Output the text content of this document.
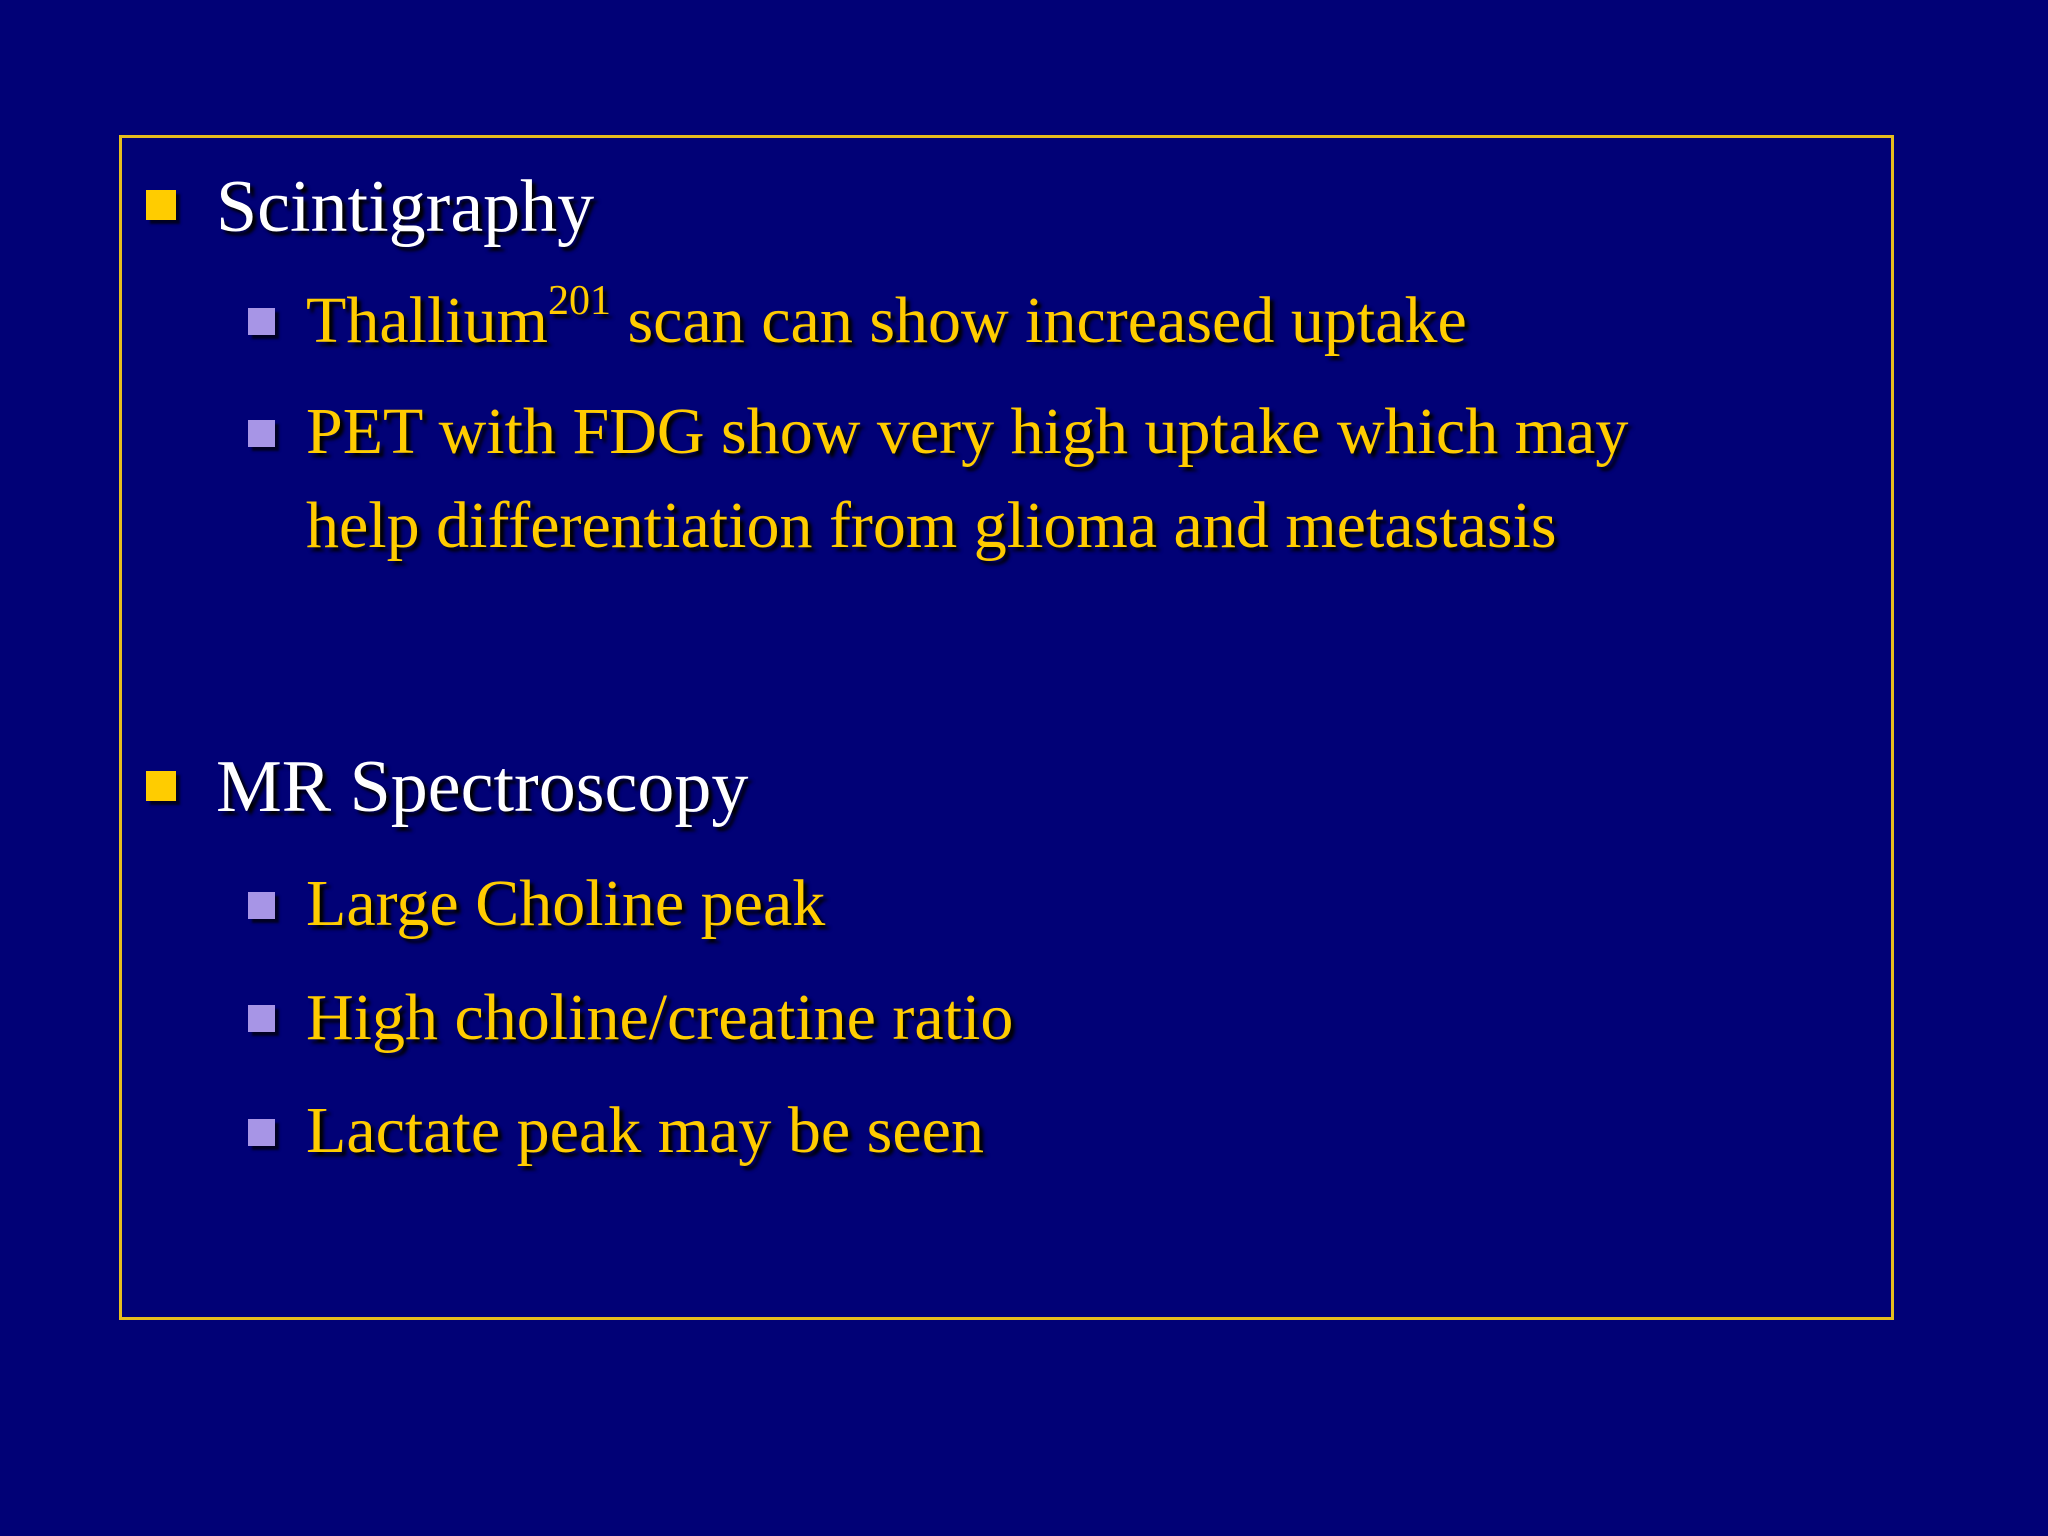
Scintigraphy
Thallium$^{201}$ scan can show increased uptake
PET with FDG show very high uptake which may
help differentiation from glioma and metastasis
MR Spectroscopy
Large Choline peak
High choline/creatine ratio
Lactate peak may be seen
